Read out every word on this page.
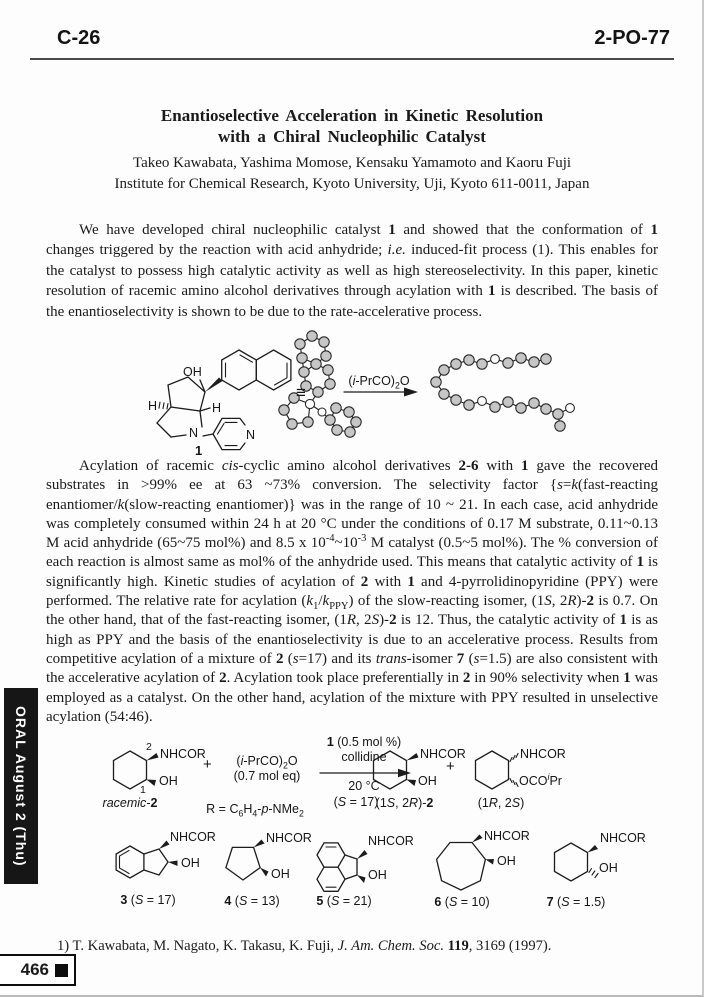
C-26	2-PO-77
Enantioselective Acceleration in Kinetic Resolution
with a Chiral Nucleophilic Catalyst
Takeo Kawabata, Yashima Momose, Kensaku Yamamoto and Kaoru Fuji
Institute for Chemical Research, Kyoto University, Uji, Kyoto 611-0011, Japan

We have developed chiral nucleophilic catalyst 1 and showed that the conformation of 1 changes triggered by the reaction with acid anhydride; i.e. induced-fit process (1). This enables for the catalyst to possess high catalytic activity as well as high stereoselectivity. In this paper, kinetic resolution of racemic amino alcohol derivatives through acylation with 1 is described. The basis of the enantioselectivity is shown to be due to the rate-accelerative process.

OH
H	H
N	N
1
≡
$(i-PrCO)_2O$

Acylation of racemic cis-cyclic amino alcohol derivatives 2-6 with 1 gave the recovered substrates in >99% ee at 63 ~73% conversion. The selectivity factor {s=k(fast-reacting enantiomer/k(slow-reacting enantiomer)} was in the range of 10 ~ 21. In each case, acid anhydride was completely consumed within 24 h at 20 °C under the conditions of 0.17 M substrate, 0.11~0.13 M acid anhydride (65~75 mol%) and 8.5 x $10^{-4}\sim 10^{-3}$ M catalyst (0.5~5 mol%). The % conversion of each reaction is almost same as mol% of the anhydride used. This means that catalytic activity of 1 is significantly high. Kinetic studies of acylation of 2 with 1 and 4-pyrrolidinopyridine (PPY) were performed. The relative rate for acylation $(k_1/k_{PPY})$ of the slow-reacting isomer, (1S, 2R)-2 is 0.7. On the other hand, that of the fast-reacting isomer, (1R, 2S)-2 is 12. Thus, the catalytic activity of 1 is as high as PPY and the basis of the enantioselectivity is due to an accelerative process. Results from competitive acylation of a mixture of 2 (s=17) and its trans-isomer 7 (s=1.5) are also consistent with the accelerative acylation of 2. Acylation took place preferentially in 2 in 90% selectivity when 1 was employed as a catalyst. On the other hand, acylation of the mixture with PPY resulted in unselective acylation (54:46).

2 NHCOR
OH
1
racemic-2
+	$(i-PrCO)_2O$
(0.7 mol eq)
$R = C_6H_4-p-NMe_2$
1 (0.5 mol %)
collidine
20 °C
(S = 17)
NHCOR
OH
(1S, 2R)-2
+
NHCOR
OCO$^i$Pr
(1R, 2S)
NHCOR
OH
3 (S = 17)
NHCOR
OH
4 (S = 13)
NHCOR
OH
5 (S = 21)
NHCOR
OH
6 (S = 10)
NHCOR
OH
7 (S = 1.5)
1) T. Kawabata, M. Nagato, K. Takasu, K. Fuji, J. Am. Chem. Soc. 119, 3169 (1997).
ORAL August 2 (Thu)
466
